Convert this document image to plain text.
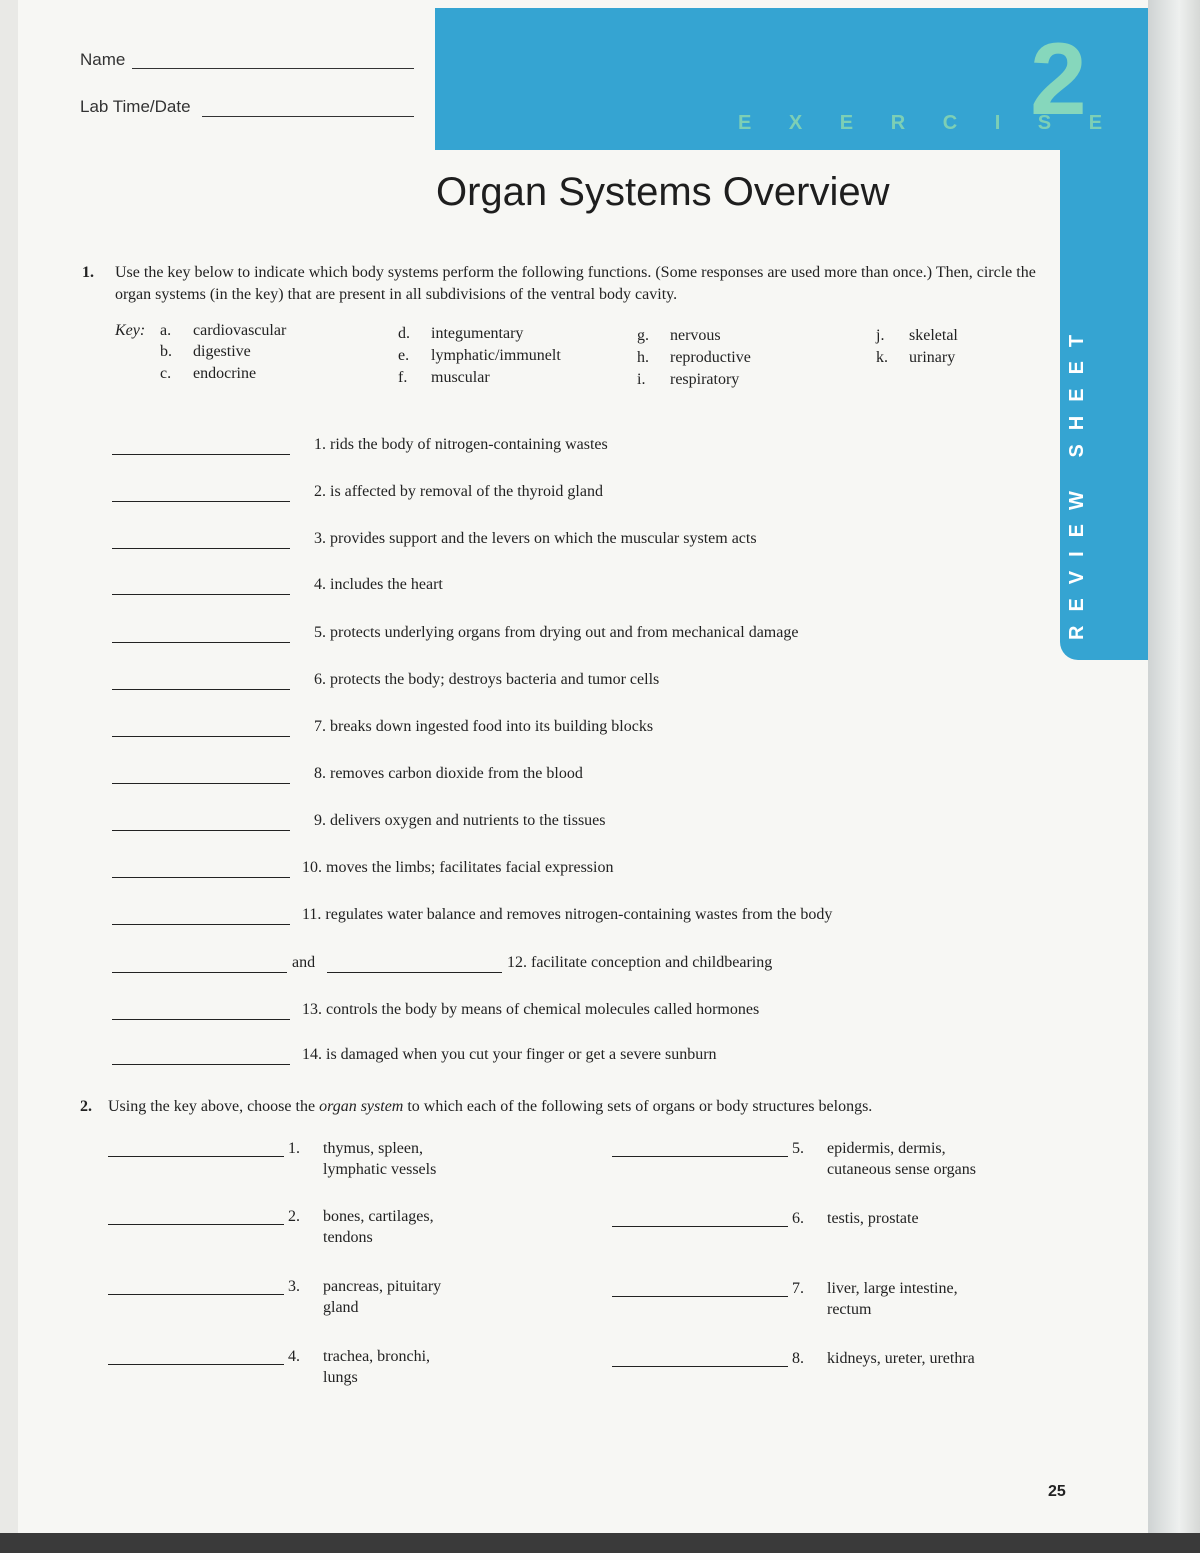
Name
Lab Time/Date
E X E R C I S E
2
REVIEW SHEET
Organ Systems Overview
1. Use the key below to indicate which body systems perform the following functions. (Some responses are used more than once.) Then, circle the organ systems (in the key) that are present in all subdivisions of the ventral body cavity.
Key: a. cardiovascular
b. digestive
c. endocrine
d. integumentary
e. lymphatic/immunelt
f. muscular
g. nervous
h. reproductive
i. respiratory
j. skeletal
k. urinary
1. rids the body of nitrogen-containing wastes
2. is affected by removal of the thyroid gland
3. provides support and the levers on which the muscular system acts
4. includes the heart
5. protects underlying organs from drying out and from mechanical damage
6. protects the body; destroys bacteria and tumor cells
7. breaks down ingested food into its building blocks
8. removes carbon dioxide from the blood
9. delivers oxygen and nutrients to the tissues
10. moves the limbs; facilitates facial expression
11. regulates water balance and removes nitrogen-containing wastes from the body
and	12. facilitate conception and childbearing
13. controls the body by means of chemical molecules called hormones
14. is damaged when you cut your finger or get a severe sunburn
2. Using the key above, choose the organ system to which each of the following sets of organs or body structures belongs.
1. thymus, spleen,
lymphatic vessels
2. bones, cartilages,
tendons
3. pancreas, pituitary
gland
4. trachea, bronchi,
lungs
5. epidermis, dermis,
cutaneous sense organs
6. testis, prostate
7. liver, large intestine,
rectum
8. kidneys, ureter, urethra
25
